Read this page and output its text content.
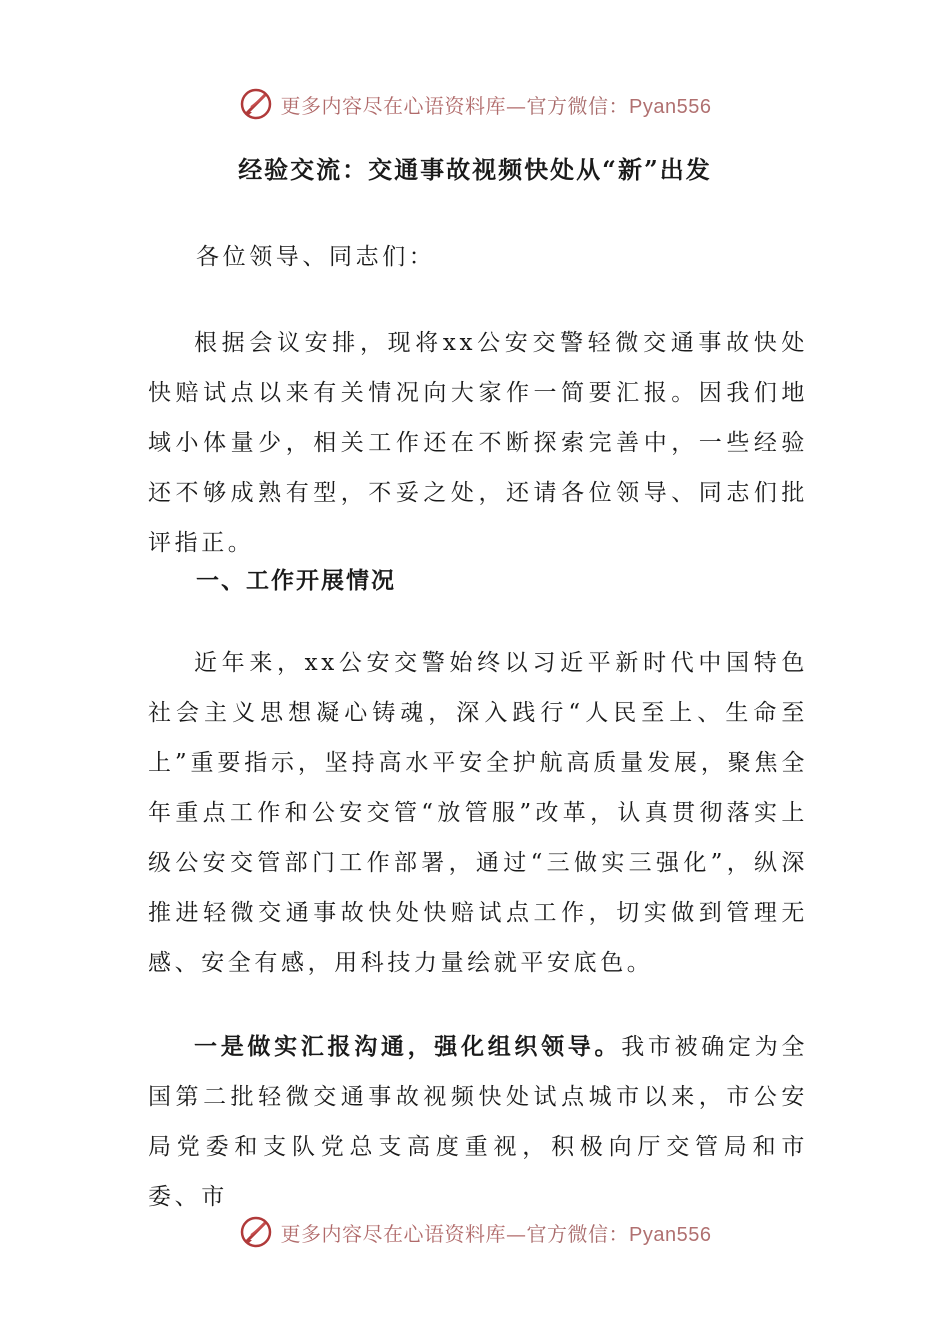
更多内容尽在心语资料库—官方微信：Pyan556
经验交流：交通事故视频快处从“新”出发

各位领导、同志们：

根据会议安排，现将xx公安交警轻微交通事故快处快赔试点以来有关情况向大家作一简要汇报。因我们地域小体量少，相关工作还在不断探索完善中，一些经验还不够成熟有型，不妥之处，还请各位领导、同志们批评指正。

一、工作开展情况

近年来，xx公安交警始终以习近平新时代中国特色社会主义思想凝心铸魂，深入践行“人民至上、生命至上”重要指示，坚持高水平安全护航高质量发展，聚焦全年重点工作和公安交管“放管服”改革，认真贯彻落实上级公安交管部门工作部署，通过“三做实三强化”，纵深推进轻微交通事故快处快赔试点工作，切实做到管理无感、安全有感，用科技力量绘就平安底色。

一是做实汇报沟通，强化组织领导。我市被确定为全国第二批轻微交通事故视频快处试点城市以来，市公安局党委和支队党总支高度重视，积极向厅交管局和市委、市

更多内容尽在心语资料库—官方微信：Pyan556
